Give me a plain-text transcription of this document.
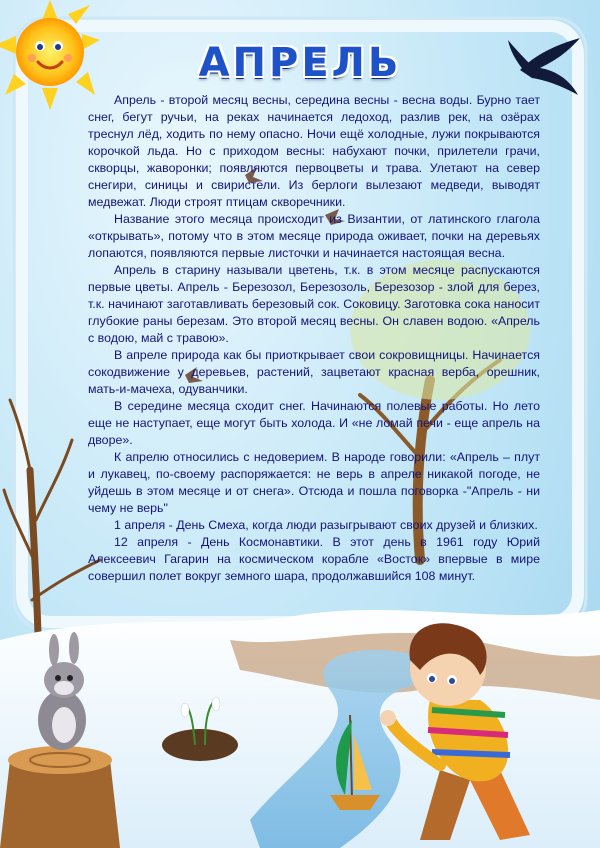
АПРЕЛЬ

Апрель - второй месяц весны, середина весны - весна воды. Бурно тает снег, бегут ручьи, на реках начинается ледоход, разлив рек, на озёрах треснул лёд, ходить по нему опасно. Ночи ещё холодные, лужи покрываются корочкой льда. Но с приходом весны: набухают почки, прилетели грачи, скворцы, жаворонки; появляются первоцветы и трава. Улетают на север снегири, синицы и свиристели. Из берлоги вылезают медведи, выводят медвежат. Люди строят птицам скворечники.

Название этого месяца происходит из Византии, от латинского глагола «открывать», потому что в этом месяце природа оживает, почки на деревьях лопаются, появляются первые листочки и начинается настоящая весна.

Апрель в старину называли цветень, т.к. в этом месяце распускаются первые цветы. Апрель - Березозол, Березозоль, Березозор - злой для берез, т.к. начинают заготавливать березовый сок. Соковицу. Заготовка сока наносит глубокие раны березам. Это второй месяц весны. Он славен водою. «Апрель с водою, май с травою».

В апреле природа как бы приоткрывает свои сокровищницы. Начинается сокодвижение у деревьев, растений, зацветают красная верба, орешник, мать-и-мачеха, одуванчики.

В середине месяца сходит снег. Начинаются полевые работы. Но лето еще не наступает, еще могут быть холода. И «не ломай печи - еще апрель на дворе».

К апрелю относились с недоверием. В народе говорили: «Апрель – плут и лукавец, по-своему распоряжается: не верь в апреле никакой погоде, не уйдешь в этом месяце и от снега». Отсюда и пошла поговорка -"Апрель - ни чему не верь"

1 апреля - День Смеха, когда люди разыгрывают своих друзей и близких.

12 апреля - День Космонавтики. В этот день в 1961 году Юрий Алексеевич Гагарин на космическом корабле «Восток» впервые в мире совершил полет вокруг земного шара, продолжавшийся 108 минут.
